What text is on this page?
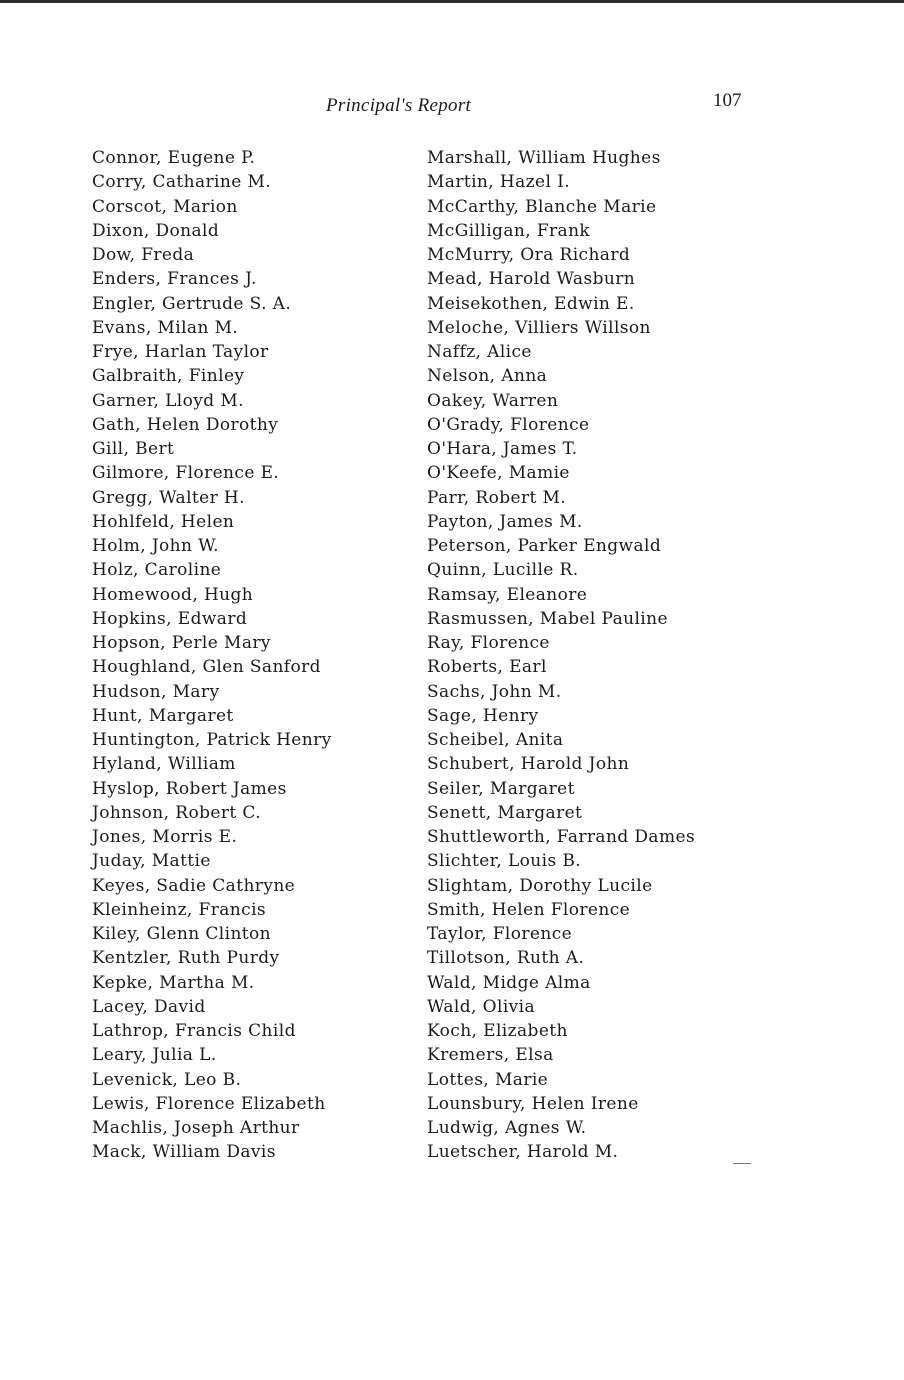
Principal's Report	107
Connor, Eugene P.
Corry, Catharine M.
Corscot, Marion
Dixon, Donald
Dow, Freda
Enders, Frances J.
Engler, Gertrude S. A.
Evans, Milan M.
Frye, Harlan Taylor
Galbraith, Finley
Garner, Lloyd M.
Gath, Helen Dorothy
Gill, Bert
Gilmore, Florence E.
Gregg, Walter H.
Hohlfeld, Helen
Holm, John W.
Holz, Caroline
Homewood, Hugh
Hopkins, Edward
Hopson, Perle Mary
Houghland, Glen Sanford
Hudson, Mary
Hunt, Margaret
Huntington, Patrick Henry
Hyland, William
Hyslop, Robert James
Johnson, Robert C.
Jones, Morris E.
Juday, Mattie
Keyes, Sadie Cathryne
Kleinheinz, Francis
Kiley, Glenn Clinton
Kentzler, Ruth Purdy
Kepke, Martha M.
Lacey, David
Lathrop, Francis Child
Leary, Julia L.
Levenick, Leo B.
Lewis, Florence Elizabeth
Machlis, Joseph Arthur
Mack, William Davis
Marshall, William Hughes
Martin, Hazel I.
McCarthy, Blanche Marie
McGilligan, Frank
McMurry, Ora Richard
Mead, Harold Wasburn
Meisekothen, Edwin E.
Meloche, Villiers Willson
Naffz, Alice
Nelson, Anna
Oakey, Warren
O'Grady, Florence
O'Hara, James T.
O'Keefe, Mamie
Parr, Robert M.
Payton, James M.
Peterson, Parker Engwald
Quinn, Lucille R.
Ramsay, Eleanore
Rasmussen, Mabel Pauline
Ray, Florence
Roberts, Earl
Sachs, John M.
Sage, Henry
Scheibel, Anita
Schubert, Harold John
Seiler, Margaret
Senett, Margaret
Shuttleworth, Farrand Dames
Slichter, Louis B.
Slightam, Dorothy Lucile
Smith, Helen Florence
Taylor, Florence
Tillotson, Ruth A.
Wald, Midge Alma
Wald, Olivia
Koch, Elizabeth
Kremers, Elsa
Lottes, Marie
Lounsbury, Helen Irene
Ludwig, Agnes W.
Luetscher, Harold M.
